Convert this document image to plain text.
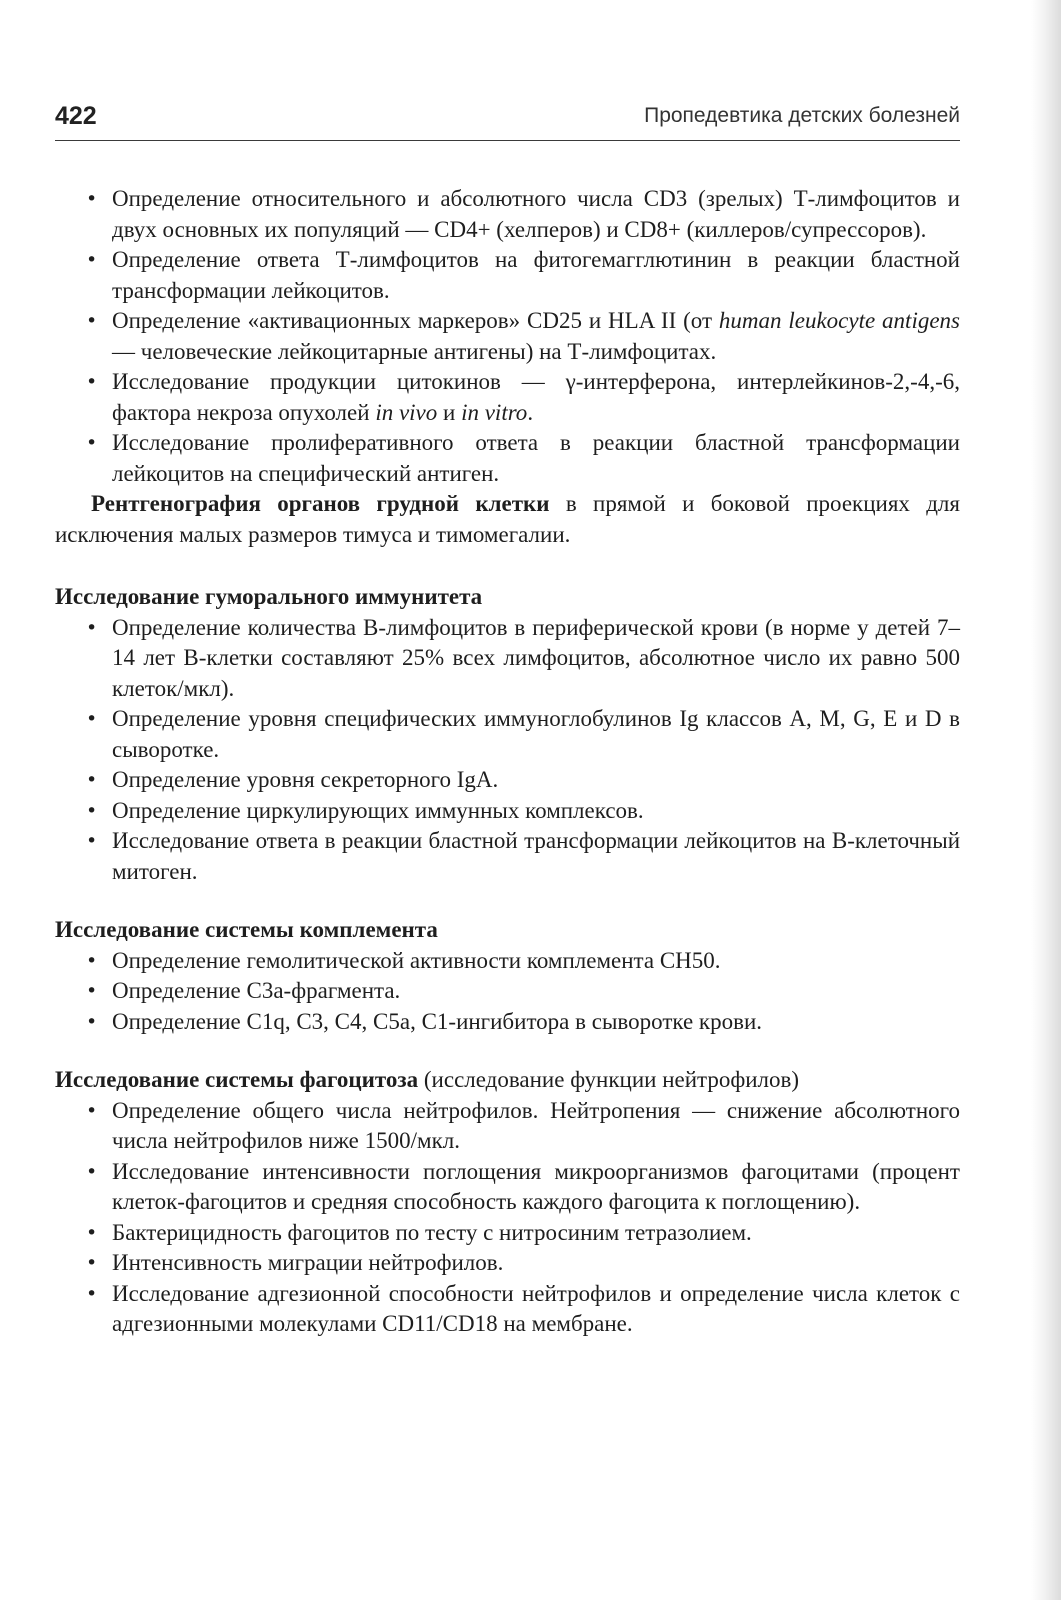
422	Пропедевтика детских болезней
• Определение относительного и абсолютного числа CD3 (зрелых) Т-лимфоцитов и двух основных их популяций — CD4+ (хелперов) и CD8+ (киллеров/супрессоров).
• Определение ответа Т-лимфоцитов на фитогемагглютинин в реакции бластной трансформации лейкоцитов.
• Определение «активационных маркеров» CD25 и HLA II (от human leukocyte antigens — человеческие лейкоцитарные антигены) на Т-лимфоцитах.
• Исследование продукции цитокинов — γ-интерферона, интерлейкинов-2,-4,-6, фактора некроза опухолей in vivo и in vitro.
• Исследование пролиферативного ответа в реакции бластной трансформации лейкоцитов на специфический антиген.

Рентгенография органов грудной клетки в прямой и боковой проекциях для исключения малых размеров тимуса и тимомегалии.

Исследование гуморального иммунитета
• Определение количества В-лимфоцитов в периферической крови (в норме у детей 7–14 лет В-клетки составляют 25% всех лимфоцитов, абсолютное число их равно 500 клеток/мкл).
• Определение уровня специфических иммуноглобулинов Ig классов А, M, G, E и D в сыворотке.
• Определение уровня секреторного IgA.
• Определение циркулирующих иммунных комплексов.
• Исследование ответа в реакции бластной трансформации лейкоцитов на В-клеточный митоген.
Исследование системы комплемента
• Определение гемолитической активности комплемента CH50.
• Определение С3а-фрагмента.
• Определение С1q, С3, С4, С5а, С1-ингибитора в сыворотке крови.
Исследование системы фагоцитоза (исследование функции нейтрофилов)
• Определение общего числа нейтрофилов. Нейтропения — снижение абсолютного числа нейтрофилов ниже 1500/мкл.
• Исследование интенсивности поглощения микроорганизмов фагоцитами (процент клеток-фагоцитов и средняя способность каждого фагоцита к поглощению).
• Бактерицидность фагоцитов по тесту с нитросиним тетразолием.
• Интенсивность миграции нейтрофилов.
• Исследование адгезионной способности нейтрофилов и определение числа клеток с адгезионными молекулами CD11/CD18 на мембране.
